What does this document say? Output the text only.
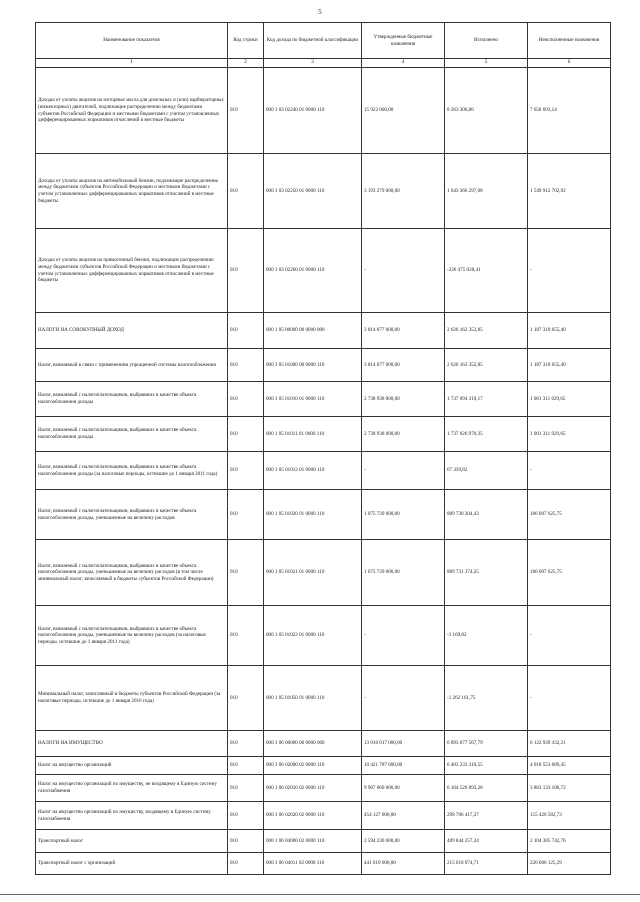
5
Наименование показателя	Код строки	Код дохода по бюджетной классификации	Утвержденные бюджетные назначения	Исполнено	Неисполненные назначения
1	2	3	4	5	6
Доходы от уплаты акцизов на моторные масла для дизельных и (или) карбюраторных (инжекторных) двигателей, подлежащие распределению между бюджетами субъектов Российской Федерации и местными бюджетами с учетом установленных дифференцированных нормативов отчислений в местные бюджеты	010	000 1 03 02240 01 0000 110	15 922 000,00	8 263 306,86	7 658 693,14
Доходы от уплаты акцизов на автомобильный бензин, подлежащие распределению между бюджетами субъектов Российской Федерации и местными бюджетами с учетом установленных дифференцированных нормативов отчислений в местные бюджеты	010	000 1 03 02250 01 0000 110	3 193 279 000,00	1 643 366 297,08	1 549 912 702,92
Доходы от уплаты акцизов на прямогонный бензин, подлежащие распределению между бюджетами субъектов Российской Федерации и местными бюджетами с учетом установленных дифференцированных нормативов отчислений в местные бюджеты	010	000 1 03 02260 01 0000 110	-	-226 475 028,41	-
НАЛОГИ НА СОВОКУПНЫЙ ДОХОД	010	000 1 05 00000 00 0000 000	3 814 677 000,00	2 626 162 352,85	1 187 318 655,40
Налог, взимаемый в связи с применением упрощенной системы налогообложения	010	000 1 05 01000 00 0000 110	3 814 677 000,00	2 626 162 352,85	1 187 318 655,40
Налог, взимаемый с налогоплательщиков, выбравших в качестве объекта налогообложения доходы	010	000 1 05 01010 01 0000 110	2 738 938 000,00	1 737 694 310,17	1 001 311 029,65
Налог, взимаемый с налогоплательщиков, выбравших в качестве объекта налогообложения доходы	010	000 1 05 01011 01 0000 110	2 738 938 000,00	1 737 626 970,35	1 001 311 029,65
Налог, взимаемый с налогоплательщиков, выбравших в качестве объекта налогообложения доходы (за налоговые периоды, истекшие до 1 января 2011 года)	010	000 1 05 01012 01 0000 110	-	67 339,82	-
Налог, взимаемый с налогоплательщиков, выбравших в качестве объекта налогообложения доходы, уменьшенные на величину расходов	010	000 1 05 01020 01 0000 110	1 075 739 000,00	889 730 204,43	186 007 625,75
Налог, взимаемый с налогоплательщиков, выбравших в качестве объекта налогообложения доходы, уменьшенные на величину расходов (в том числе минимальный налог, зачисляемый в бюджеты субъектов Российской Федерации)	010	000 1 05 01021 01 0000 110	1 075 739 000,00	889 731 374,25	186 007 625,75
Налог, взимаемый с налогоплательщиков, выбравших в качестве объекта налогообложения доходы, уменьшенные на величину расходов (за налоговые периоды, истекшие до 1 января 2011 года)	010	000 1 05 01022 01 0000 110	-	-1 169,82	-
Минимальный налог, зачисляемый в бюджеты субъектов Российской Федерации (за налоговые периоды, истекшие до 1 января 2016 года)	010	000 1 05 01050 01 0000 110	-	-1 262 161,75	-
НАЛОГИ НА ИМУЩЕСТВО	010	000 1 06 00000 00 0000 000	13 016 017 000,00	6 893 077 567,79	6 122 939 432,21
Налог на имущество организаций	010	000 1 06 02000 02 0000 110	10 421 787 000,00	6 403 233 310,55	4 018 553 689,45
Налог на имущество организаций по имуществу, не входящему в Единую систему газоснабжения	010	000 1 06 02010 02 0000 110	9 967 660 000,00	6 104 526 893,28	3 863 133 106,72
Налог на имущество организаций по имуществу, входящему в Единую систему газоснабжения	010	000 1 06 02020 02 0000 110	454 127 000,00	298 706 417,27	155 420 582,73
Транспортный налог	010	000 1 06 04000 02 0000 110	2 594 230 000,00	489 844 257,24	2 104 385 742,76
Транспортный налог с организаций	010	000 1 06 04011 02 0000 110	441 019 000,00	215 018 874,71	226 000 125,29
